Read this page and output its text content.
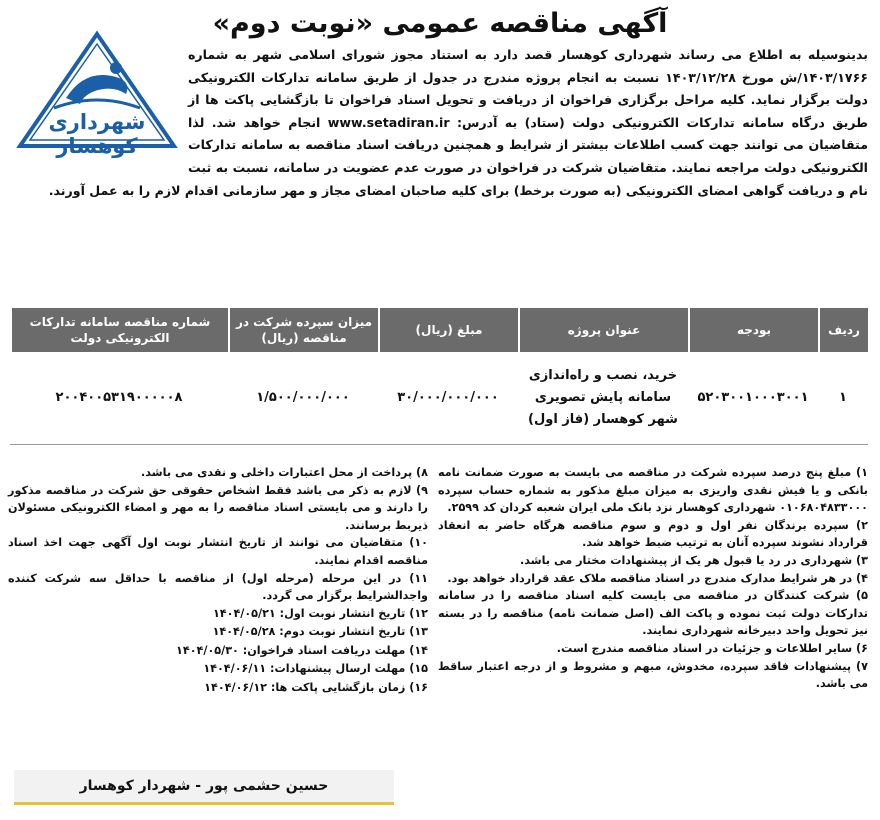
آگهی مناقصه عمومی «نوبت دوم»
شهرداری کوهسار
بدینوسیله به اطلاع می رساند شهرداری کوهسار قصد دارد به استناد مجوز شورای اسلامی شهر به شماره ۱۴۰۳/۱۷۶۶/ش مورخ ۱۴۰۳/۱۲/۲۸ نسبت به انجام پروژه مندرج در جدول از طریق سامانه تدارکات الکترونیکی دولت برگزار نماید. کلیه مراحل برگزاری فراخوان از دریافت و تحویل اسناد فراخوان تا بازگشایی پاکت ها از طریق درگاه سامانه تدارکات الکترونیکی دولت (ستاد) به آدرس: www.setadiran.ir انجام خواهد شد. لذا متقاضیان می توانند جهت کسب اطلاعات بیشتر از شرایط و همچنین دریافت اسناد مناقصه به سامانه تدارکات الکترونیکی دولت مراجعه نمایند. متقاضیان شرکت در فراخوان در صورت عدم عضویت در سامانه، نسبت به ثبت نام و دریافت گواهی امضای الکترونیکی (به صورت برخط) برای کلیه صاحبان امضای مجاز و مهر سازمانی اقدام لازم را به عمل آورند.
ردیف	بودجه	عنوان پروژه	مبلغ (ریال)	میزان سپرده شرکت در مناقصه (ریال)	شماره مناقصه سامانه تدارکات الکترونیکی دولت
۱	۵۲۰۳۰۰۱۰۰۰۳۰۰۱	خرید، نصب و راه‌اندازی سامانه پایش تصویری شهر کوهسار (فاز اول)	۳۰/۰۰۰/۰۰۰/۰۰۰	۱/۵۰۰/۰۰۰/۰۰۰	۲۰۰۴۰۰۵۳۱۹۰۰۰۰۰۸

۱) مبلغ پنج درصد سپرده شرکت در مناقصه می بایست به صورت ضمانت نامه بانکی و یا فیش نقدی واریزی به میزان مبلغ مذکور به شماره حساب سپرده ۰۱۰۶۸۰۴۸۳۳۰۰۰ شهرداری کوهسار نزد بانک ملی ایران شعبه کردان کد ۲۵۹۹.

۲) سپرده برندگان نفر اول و دوم و سوم مناقصه هرگاه حاضر به انعقاد قرارداد نشوند سپرده آنان به ترتیب ضبط خواهد شد.

۳) شهرداری در رد یا قبول هر یک از پیشنهادات مختار می باشد.

۴) در هر شرایط مدارک مندرج در اسناد مناقصه ملاک عقد قرارداد خواهد بود.

۵) شرکت کنندگان در مناقصه می بایست کلیه اسناد مناقصه را در سامانه تدارکات دولت ثبت نموده و پاکت الف (اصل ضمانت نامه) مناقصه را در بسته نیز تحویل واحد دبیرخانه شهرداری نمایند.

۶) سایر اطلاعات و جزئیات در اسناد مناقصه مندرج است.

۷) پیشنهادات فاقد سپرده، مخدوش، مبهم و مشروط و از درجه اعتبار ساقط می باشد.

۸) پرداخت از محل اعتبارات داخلی و نقدی می باشد.

۹) لازم به ذکر می باشد فقط اشخاص حقوقی حق شرکت در مناقصه مذکور را دارند و می بایستی اسناد مناقصه را به مهر و امضاء الکترونیکی مسئولان ذیربط برسانند.

۱۰) متقاضیان می توانند از تاریخ انتشار نوبت اول آگهی جهت اخذ اسناد مناقصه اقدام نمایند.

۱۱) در این مرحله (مرحله اول) از مناقصه با حداقل سه شرکت کننده واجدالشرایط برگزار می گردد.

۱۲) تاریخ انتشار نوبت اول: ۱۴۰۴/۰۵/۲۱

۱۳) تاریخ انتشار نوبت دوم: ۱۴۰۴/۰۵/۲۸

۱۴) مهلت دریافت اسناد فراخوان: ۱۴۰۴/۰۵/۳۰

۱۵) مهلت ارسال پیشنهادات: ۱۴۰۴/۰۶/۱۱

۱۶) زمان بازگشایی پاکت ها: ۱۴۰۴/۰۶/۱۲

حسین حشمی پور - شهردار کوهسار
